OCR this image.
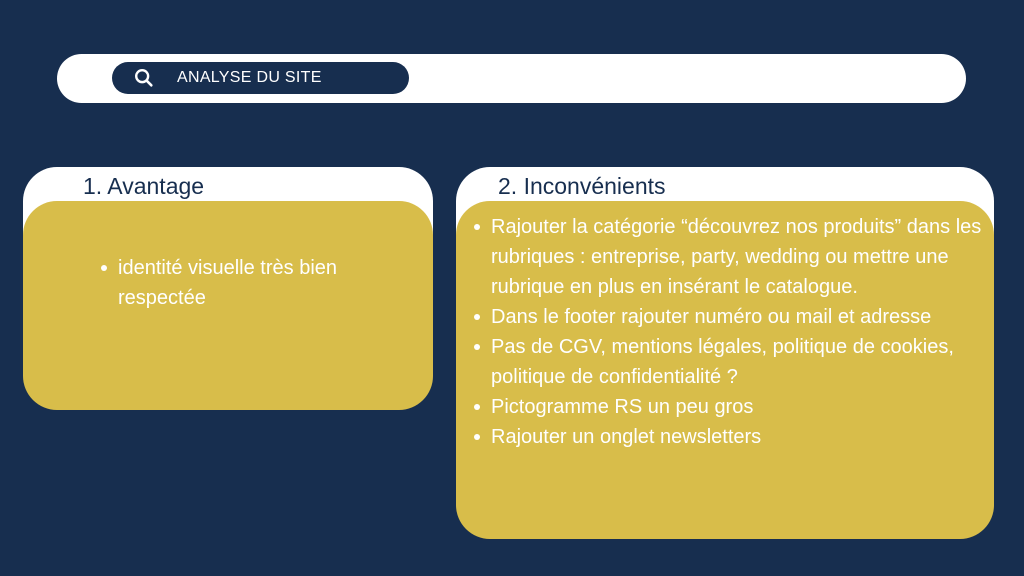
ANALYSE DU SITE
1. Avantage
identité visuelle très bien respectée
2. Inconvénients
Rajouter la catégorie “découvrez nos produits” dans les rubriques : entreprise, party, wedding ou mettre une rubrique en plus en insérant le catalogue.
Dans le footer rajouter numéro ou mail et adresse
Pas de CGV, mentions légales, politique de cookies, politique de confidentialité ?
Pictogramme RS un peu gros
Rajouter un onglet newsletters
